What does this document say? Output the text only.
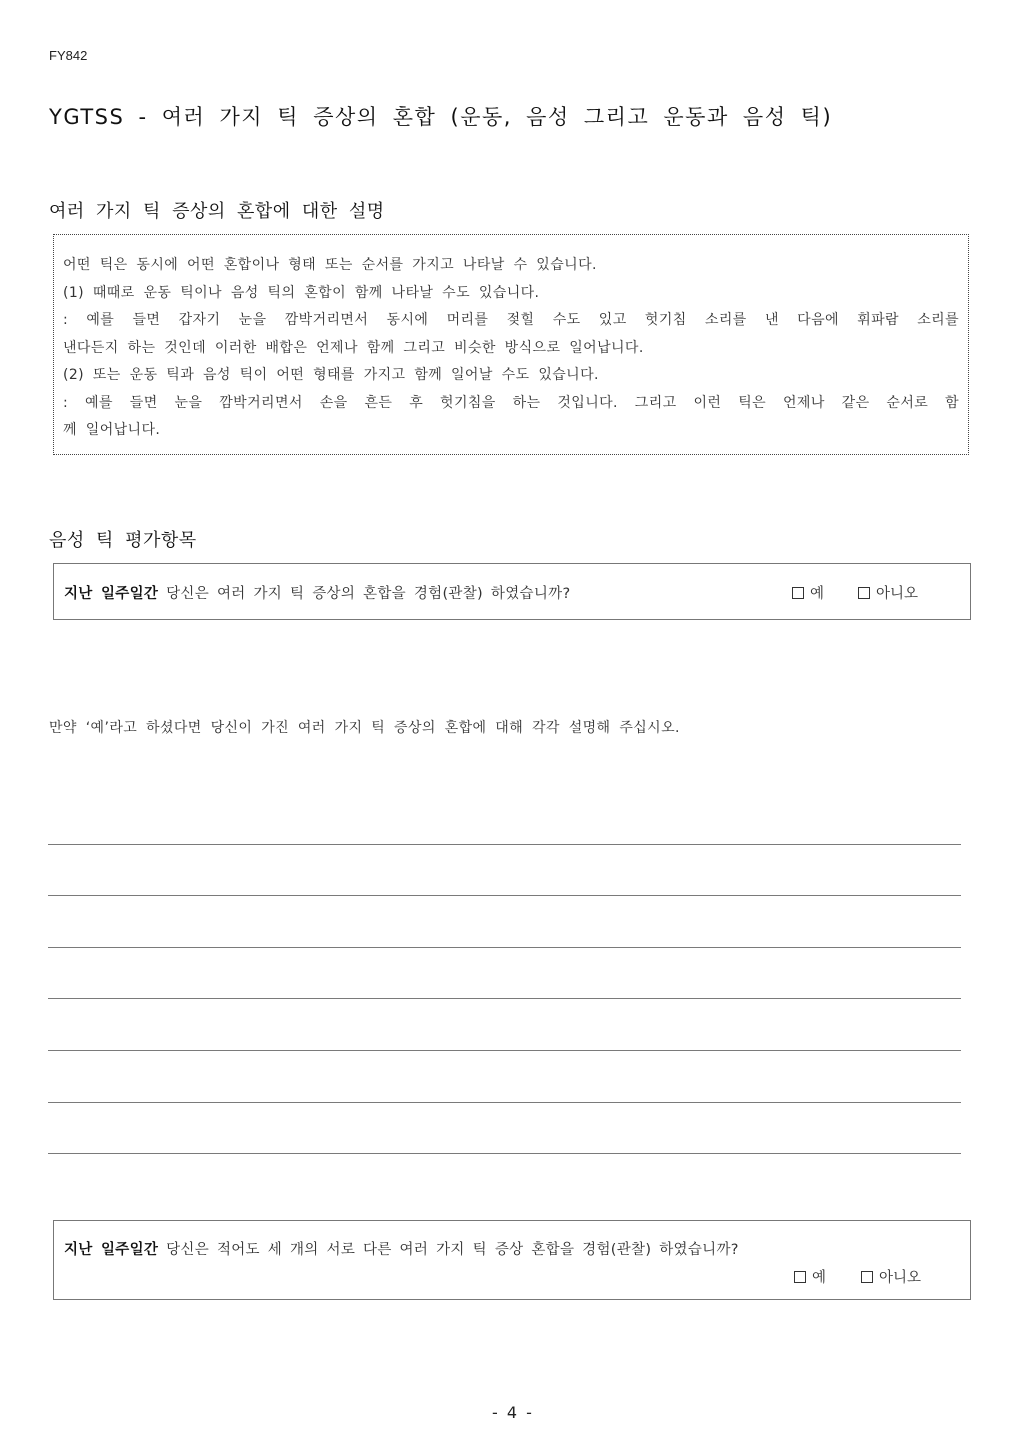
FY842
YGTSS - 여러 가지 틱 증상의 혼합 (운동, 음성 그리고 운동과 음성 틱)
여러 가지 틱 증상의 혼합에 대한 설명
어떤 틱은 동시에 어떤 혼합이나 형태 또는 순서를 가지고 나타날 수 있습니다.
(1) 때때로 운동 틱이나 음성 틱의 혼합이 함께 나타날 수도 있습니다.
: 예를 들면 갑자기 눈을 깜박거리면서 동시에 머리를 젖힐 수도 있고 헛기침 소리를 낸 다음에 휘파람 소리를
낸다든지 하는 것인데 이러한 배합은 언제나 함께 그리고 비슷한 방식으로 일어납니다.
(2) 또는 운동 틱과 음성 틱이 어떤 형태를 가지고 함께 일어날 수도 있습니다.
: 예를 들면 눈을 깜박거리면서 손을 흔든 후 헛기침을 하는 것입니다. 그리고 이런 틱은 언제나 같은 순서로 함
께 일어납니다.
음성 틱 평가항목
지난 일주일간 당신은 여러 가지 틱 증상의 혼합을 경험(관찰) 하였습니까?	예	아니오
만약 ‘예’라고 하셨다면 당신이 가진 여러 가지 틱 증상의 혼합에 대해 각각 설명해 주십시오.
지난 일주일간 당신은 적어도 세 개의 서로 다른 여러 가지 틱 증상 혼합을 경험(관찰) 하였습니까?
예	아니오
- 4 -
